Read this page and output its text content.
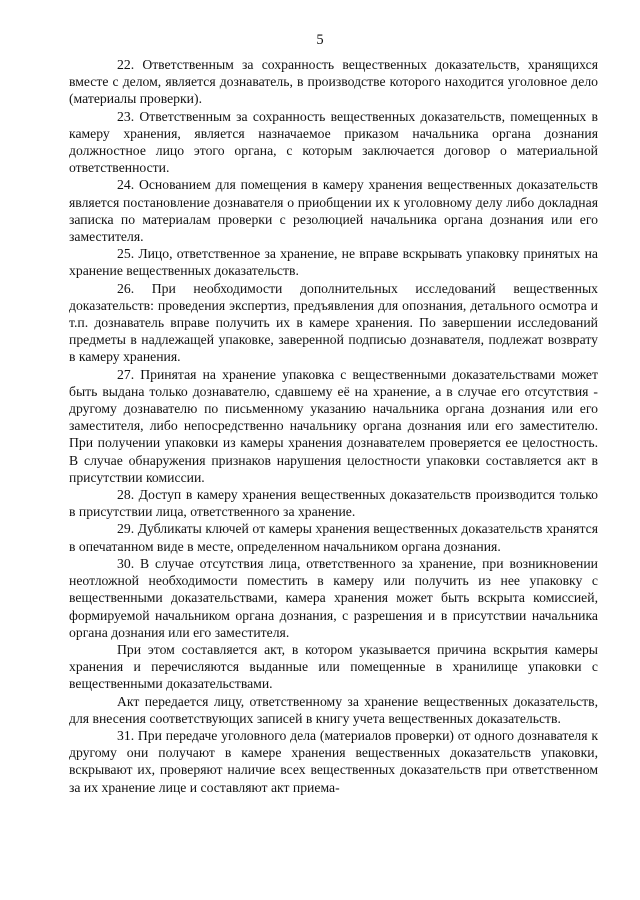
5

22. Ответственным за сохранность вещественных доказательств, хранящихся вместе с делом, является дознаватель, в производстве которого находится уголовное дело (материалы проверки).

23. Ответственным за сохранность вещественных доказательств, помещенных в камеру хранения, является назначаемое приказом начальника органа дознания должностное лицо этого органа, с которым заключается договор о материальной ответственности.

24. Основанием для помещения в камеру хранения вещественных доказательств является постановление дознавателя о приобщении их к уголовному делу либо докладная записка по материалам проверки с резолюцией начальника органа дознания или его заместителя.

25. Лицо, ответственное за хранение, не вправе вскрывать упаковку принятых на хранение вещественных доказательств.

26. При необходимости дополнительных исследований вещественных доказательств: проведения экспертиз, предъявления для опознания, детального осмотра и т.п. дознаватель вправе получить их в камере хранения. По завершении исследований предметы в надлежащей упаковке, заверенной подписью дознавателя, подлежат возврату в камеру хранения.

27. Принятая на хранение упаковка с вещественными доказательствами может быть выдана только дознавателю, сдавшему её на хранение, а в случае его отсутствия - другому дознавателю по письменному указанию начальника органа дознания или его заместителя, либо непосредственно начальнику органа дознания или его заместителю. При получении упаковки из камеры хранения дознавателем проверяется ее целостность. В случае обнаружения признаков нарушения целостности упаковки составляется акт в присутствии комиссии.

28. Доступ в камеру хранения вещественных доказательств производится только в присутствии лица, ответственного за хранение.

29. Дубликаты ключей от камеры хранения вещественных доказательств хранятся в опечатанном виде в месте, определенном начальником органа дознания.

30. В случае отсутствия лица, ответственного за хранение, при возникновении неотложной необходимости поместить в камеру или получить из нее упаковку с вещественными доказательствами, камера хранения может быть вскрыта комиссией, формируемой начальником органа дознания, с разрешения и в присутствии начальника органа дознания или его заместителя.

При этом составляется акт, в котором указывается причина вскрытия камеры хранения и перечисляются выданные или помещенные в хранилище упаковки с вещественными доказательствами.

Акт передается лицу, ответственному за хранение вещественных доказательств, для внесения соответствующих записей в книгу учета вещественных доказательств.

31. При передаче уголовного дела (материалов проверки) от одного дознавателя к другому они получают в камере хранения вещественных доказательств упаковки, вскрывают их, проверяют наличие всех вещественных доказательств при ответственном за их хранение лице и составляют акт приема-
